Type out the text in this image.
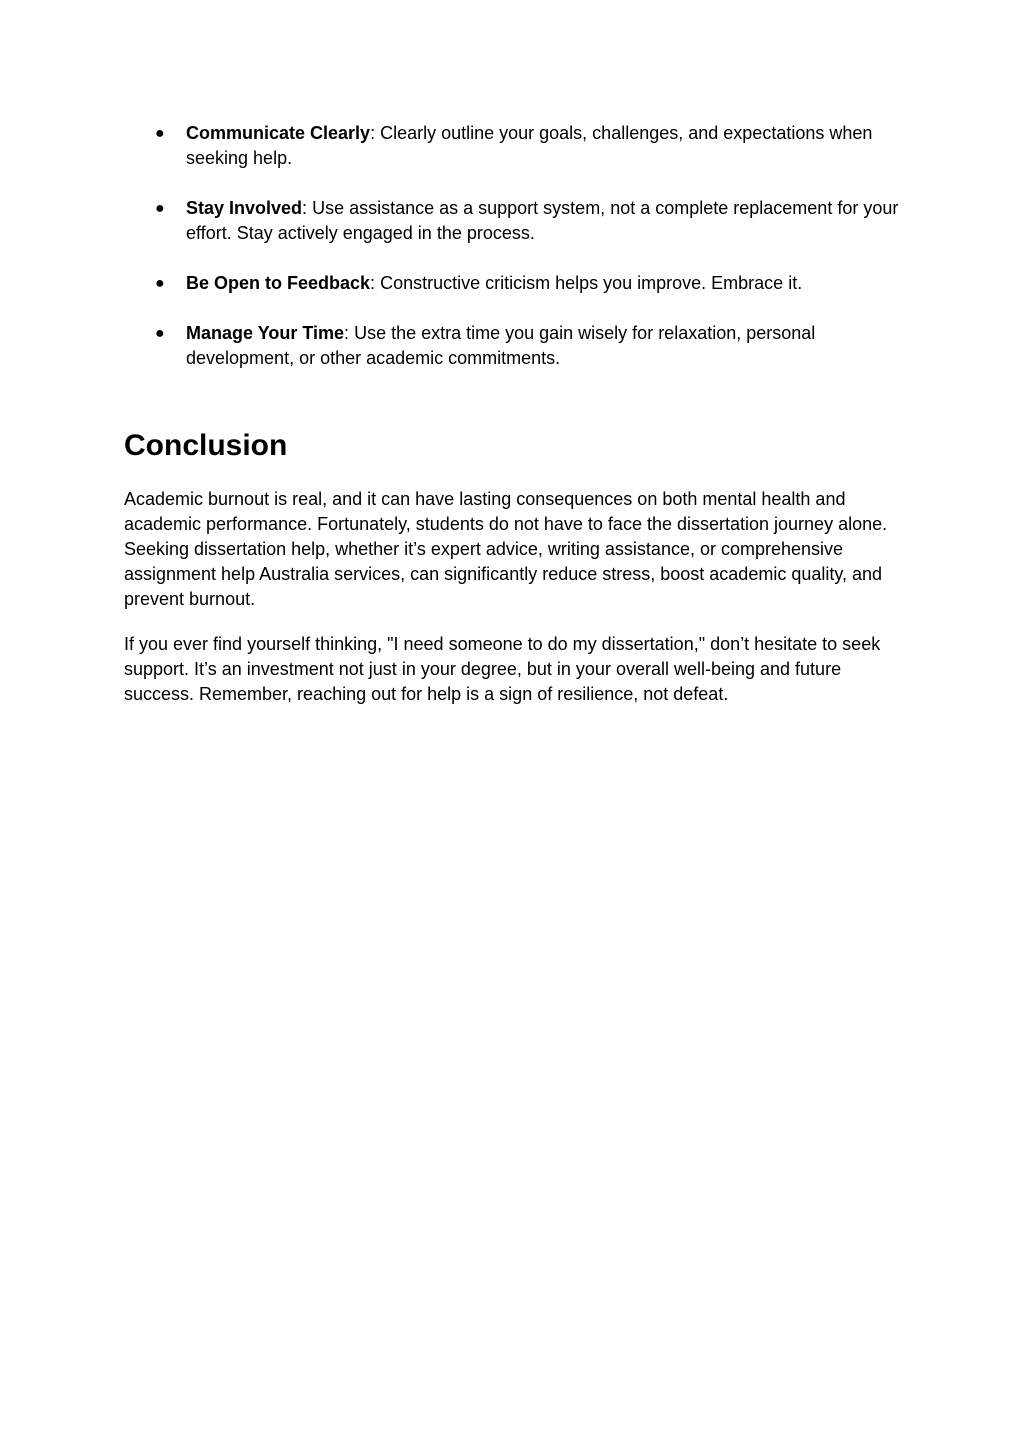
● Communicate Clearly: Clearly outline your goals, challenges, and expectations when seeking help.
● Stay Involved: Use assistance as a support system, not a complete replacement for your effort. Stay actively engaged in the process.
● Be Open to Feedback: Constructive criticism helps you improve. Embrace it.
● Manage Your Time: Use the extra time you gain wisely for relaxation, personal development, or other academic commitments.
Conclusion

Academic burnout is real, and it can have lasting consequences on both mental health and academic performance. Fortunately, students do not have to face the dissertation journey alone. Seeking dissertation help, whether it’s expert advice, writing assistance, or comprehensive assignment help Australia services, can significantly reduce stress, boost academic quality, and prevent burnout.

If you ever find yourself thinking, "I need someone to do my dissertation," don’t hesitate to seek support. It’s an investment not just in your degree, but in your overall well-being and future success. Remember, reaching out for help is a sign of resilience, not defeat.
